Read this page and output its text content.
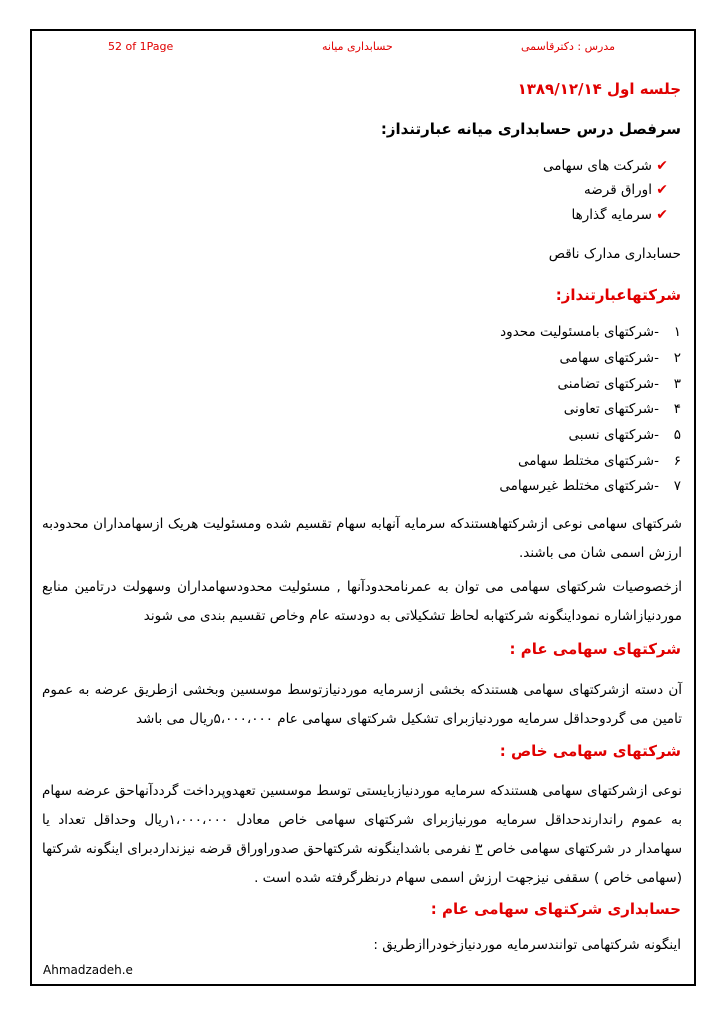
52 of 1Page	حسابداری میانه	مدرس : دکترقاسمی
جلسه اول ۱۳۸۹/۱۲/۱۴
سرفصل درس حسابداری میانه عبارتنداز:
✔ شرکت های سهامی
✔ اوراق قرضه
✔ سرمایه گذارها
حسابداری مدارک ناقص
شرکتهاعبارتنداز:
۱-شرکتهای بامسئولیت محدود
۲-شرکتهای سهامی
۳-شرکتهای تضامنی
۴-شرکتهای تعاونی
۵-شرکتهای نسبی
۶-شرکتهای مختلط سهامی
۷-شرکتهای مختلط غیرسهامی
شرکتهای سهامی نوعی ازشرکتهاهستندکه سرمایه آنهابه سهام تقسیم شده ومسئولیت هریک ازسهامداران محدودبه ارزش اسمی شان می باشند.
ازخصوصیات شرکتهای سهامی می توان به عمرنامحدودآنها , مسئولیت محدودسهامداران وسهولت درتامین منابع موردنیازاشاره نموداینگونه شرکتهابه لحاظ تشکیلاتی به دودسته عام وخاص تقسیم بندی می شوند
شرکتهای سهامی عام :
آن دسته ازشرکتهای سهامی هستندکه بخشی ازسرمایه موردنیازتوسط موسسین وبخشی ازطریق عرضه به عموم تامین می گردوحداقل سرمایه موردنیازبرای تشکیل شرکتهای سهامی عام ۵،۰۰۰،۰۰۰ریال می باشد
شرکتهای سهامی خاص :
نوعی ازشرکتهای سهامی هستندکه سرمایه موردنیازبایستی توسط موسسین تعهدوپرداخت گرددآنهاحق عرضه سهام به عموم راندارندحداقل سرمایه مورنیازبرای شرکتهای سهامی خاص معادل ۱،۰۰۰،۰۰۰ریال وحداقل تعداد یا سهامدار در شرکتهای سهامی خاص ۳ نفرمی باشداینگونه شرکتهاحق صدوراوراق قرضه نیزنداردبرای اینگونه شرکتها (سهامی خاص ) سقفی نیزجهت ارزش اسمی سهام درنظرگرفته شده است .
حسابداری شرکتهای سهامی عام :
اینگونه شرکتهامی توانندسرمایه موردنیازخودرااز‌طریق :
Ahmadzadeh.e
